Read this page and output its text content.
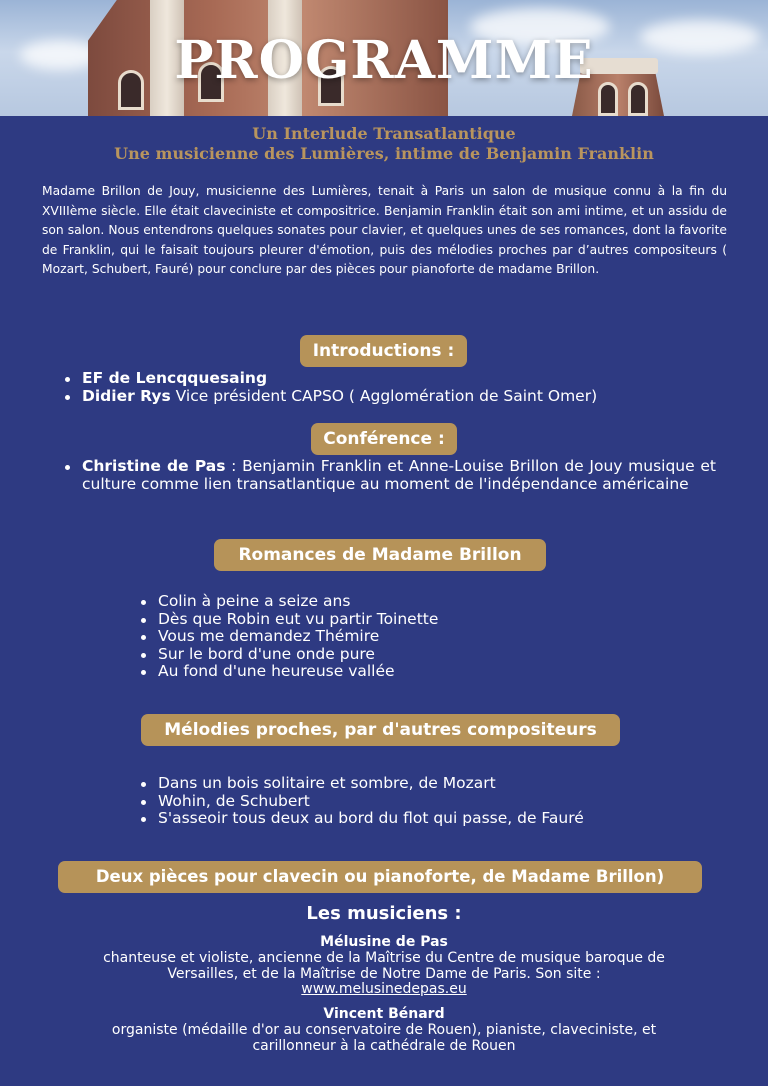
PROGRAMME
Un Interlude Transatlantique
Une musicienne des Lumières, intime de Benjamin Franklin

Madame Brillon de Jouy, musicienne des Lumières, tenait à Paris un salon de musique connu à la fin du XVIIIème siècle. Elle était claveciniste et compositrice. Benjamin Franklin était son ami intime, et un assidu de son salon. Nous entendrons quelques sonates pour clavier, et quelques unes de ses romances, dont la favorite de Franklin, qui le faisait toujours pleurer d'émotion, puis des mélodies proches par d’autres compositeurs ( Mozart, Schubert, Fauré) pour conclure par des pièces pour pianoforte de madame Brillon.

Introductions :
EF de Lencqquesaing
Didier Rys Vice président CAPSO ( Agglomération de Saint Omer)
Conférence :
Christine de Pas : Benjamin Franklin et Anne-Louise Brillon de Jouy musique et culture comme lien transatlantique au moment de l'indépendance américaine
Romances de Madame Brillon
Colin à peine a seize ans
Dès que Robin eut vu partir Toinette
Vous me demandez Thémire
Sur le bord d'une onde pure
Au fond d'une heureuse vallée
Mélodies proches, par d'autres compositeurs
Dans un bois solitaire et sombre, de Mozart
Wohin, de Schubert
S'asseoir tous deux au bord du flot qui passe, de Fauré
Deux pièces pour clavecin ou pianoforte, de Madame Brillon)
Les musiciens :
Mélusine de Pas
chanteuse et violiste, ancienne de la Maîtrise du Centre de musique baroque de
Versailles, et de la Maîtrise de Notre Dame de Paris. Son site :
www.melusinedepas.eu
Vincent Bénard
organiste (médaille d'or au conservatoire de Rouen), pianiste, claveciniste, et
carillonneur à la cathédrale de Rouen
